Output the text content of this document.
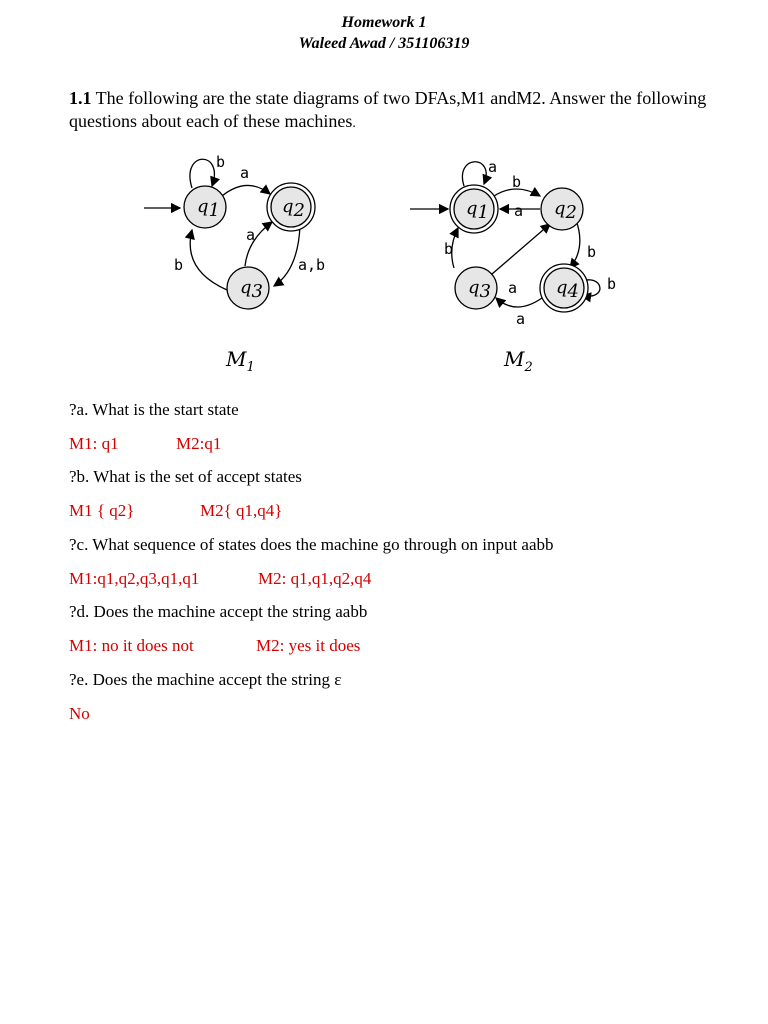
Homework 1
Waleed Awad / 351106319
1.1 The following are the state diagrams of two DFAs,M1 andM2. Answer the following questions about each of these machines.
b
a
a
a,b
b
q1	q2
q3
$M_1$
a
b
a
b
b
a
a
b
q1	q2
q3	q4
$M_2$
?a. What is the start state
M1: q1	M2:q1
?b. What is the set of accept states
M1 { q2}	M2{ q1,q4}
?c. What sequence of states does the machine go through on input aabb
M1:q1,q2,q3,q1,q1	M2: q1,q1,q2,q4
?d. Does the machine accept the string aabb
M1: no it does not	M2: yes it does
?e. Does the machine accept the string ε
No
